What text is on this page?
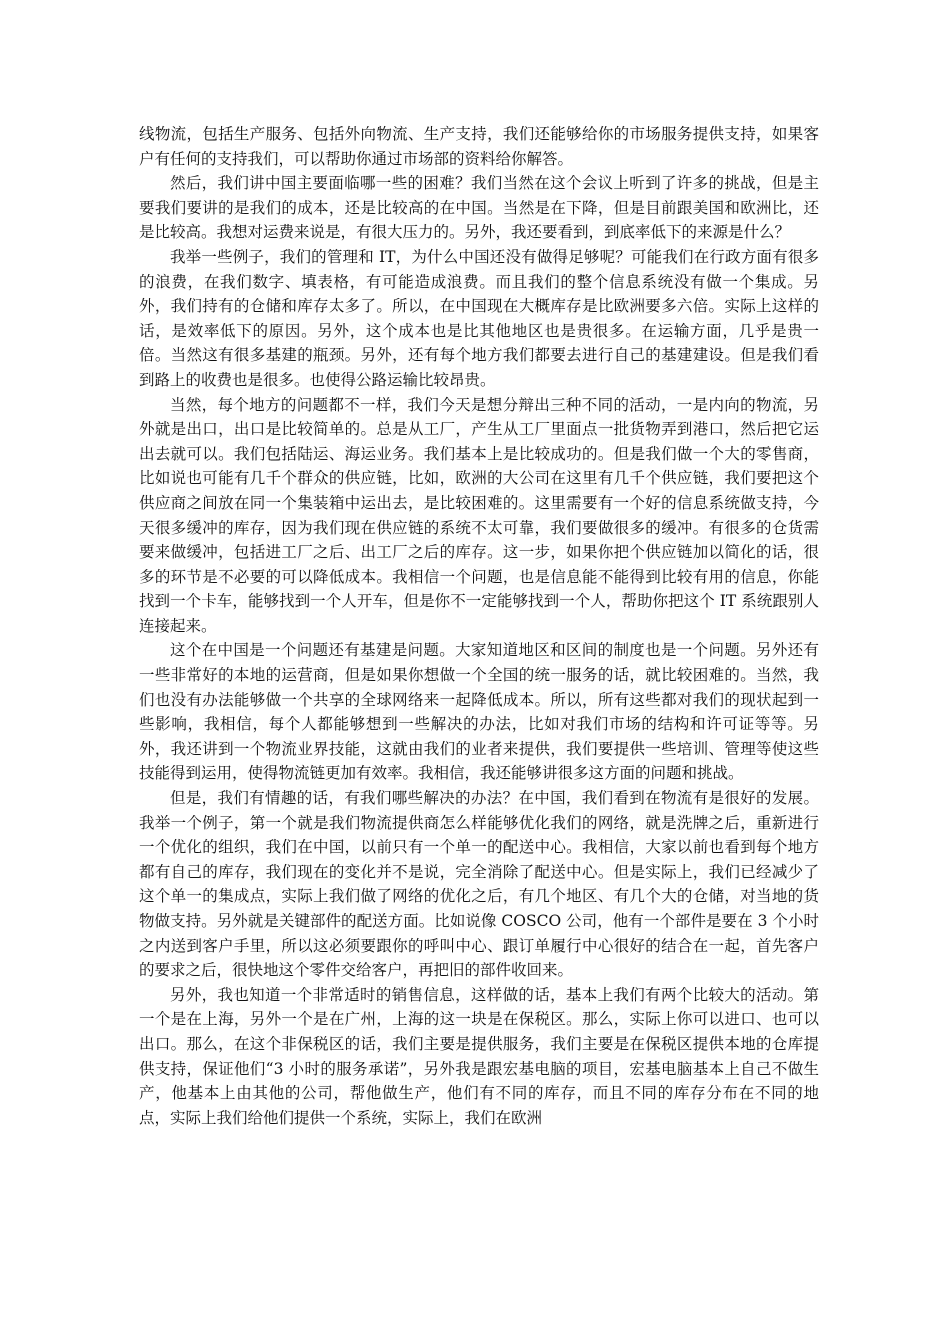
线物流，包括生产服务、包括外向物流、生产支持，我们还能够给你的市场服务提供支持，如果客户有任何的支持我们，可以帮助你通过市场部的资料给你解答。

然后，我们讲中国主要面临哪一些的困难？我们当然在这个会议上听到了许多的挑战，但是主要我们要讲的是我们的成本，还是比较高的在中国。当然是在下降，但是目前跟美国和欧洲比，还是比较高。我想对运费来说是，有很大压力的。另外，我还要看到，到底率低下的来源是什么？

我举一些例子，我们的管理和 IT，为什么中国还没有做得足够呢？可能我们在行政方面有很多的浪费，在我们数字、填表格，有可能造成浪费。而且我们的整个信息系统没有做一个集成。另外，我们持有的仓储和库存太多了。所以，在中国现在大概库存是比欧洲要多六倍。实际上这样的话，是效率低下的原因。另外，这个成本也是比其他地区也是贵很多。在运输方面，几乎是贵一倍。当然这有很多基建的瓶颈。另外，还有每个地方我们都要去进行自己的基建建设。但是我们看到路上的收费也是很多。也使得公路运输比较昂贵。

当然，每个地方的问题都不一样，我们今天是想分辩出三种不同的活动，一是内向的物流，另外就是出口，出口是比较简单的。总是从工厂，产生从工厂里面点一批货物弄到港口，然后把它运出去就可以。我们包括陆运、海运业务。我们基本上是比较成功的。但是我们做一个大的零售商，比如说也可能有几千个群众的供应链，比如，欧洲的大公司在这里有几千个供应链，我们要把这个供应商之间放在同一个集装箱中运出去，是比较困难的。这里需要有一个好的信息系统做支持，今天很多缓冲的库存，因为我们现在供应链的系统不太可靠，我们要做很多的缓冲。有很多的仓货需要来做缓冲，包括进工厂之后、出工厂之后的库存。这一步，如果你把个供应链加以简化的话，很多的环节是不必要的可以降低成本。我相信一个问题，也是信息能不能得到比较有用的信息，你能找到一个卡车，能够找到一个人开车，但是你不一定能够找到一个人，帮助你把这个 IT 系统跟别人连接起来。

这个在中国是一个问题还有基建是问题。大家知道地区和区间的制度也是一个问题。另外还有一些非常好的本地的运营商，但是如果你想做一个全国的统一服务的话，就比较困难的。当然，我们也没有办法能够做一个共享的全球网络来一起降低成本。所以，所有这些都对我们的现状起到一些影响，我相信，每个人都能够想到一些解决的办法，比如对我们市场的结构和许可证等等。另外，我还讲到一个物流业界技能，这就由我们的业者来提供，我们要提供一些培训、管理等使这些技能得到运用，使得物流链更加有效率。我相信，我还能够讲很多这方面的问题和挑战。

但是，我们有情趣的话，有我们哪些解决的办法？在中国，我们看到在物流有是很好的发展。我举一个例子，第一个就是我们物流提供商怎么样能够优化我们的网络，就是洗牌之后，重新进行一个优化的组织，我们在中国，以前只有一个单一的配送中心。我相信，大家以前也看到每个地方都有自己的库存，我们现在的变化并不是说，完全消除了配送中心。但是实际上，我们已经减少了这个单一的集成点，实际上我们做了网络的优化之后，有几个地区、有几个大的仓储，对当地的货物做支持。另外就是关键部件的配送方面。比如说像 COSCO 公司，他有一个部件是要在 3 个小时之内送到客户手里，所以这必须要跟你的呼叫中心、跟订单履行中心很好的结合在一起，首先客户的要求之后，很快地这个零件交给客户，再把旧的部件收回来。

另外，我也知道一个非常适时的销售信息，这样做的话，基本上我们有两个比较大的活动。第一个是在上海，另外一个是在广州，上海的这一块是在保税区。那么，实际上你可以进口、也可以出口。那么，在这个非保税区的话，我们主要是提供服务，我们主要是在保税区提供本地的仓库提供支持，保证他们“3 小时的服务承诺”，另外我是跟宏基电脑的项目，宏基电脑基本上自己不做生产，他基本上由其他的公司，帮他做生产，他们有不同的库存，而且不同的库存分布在不同的地点，实际上我们给他们提供一个系统，实际上，我们在欧洲
